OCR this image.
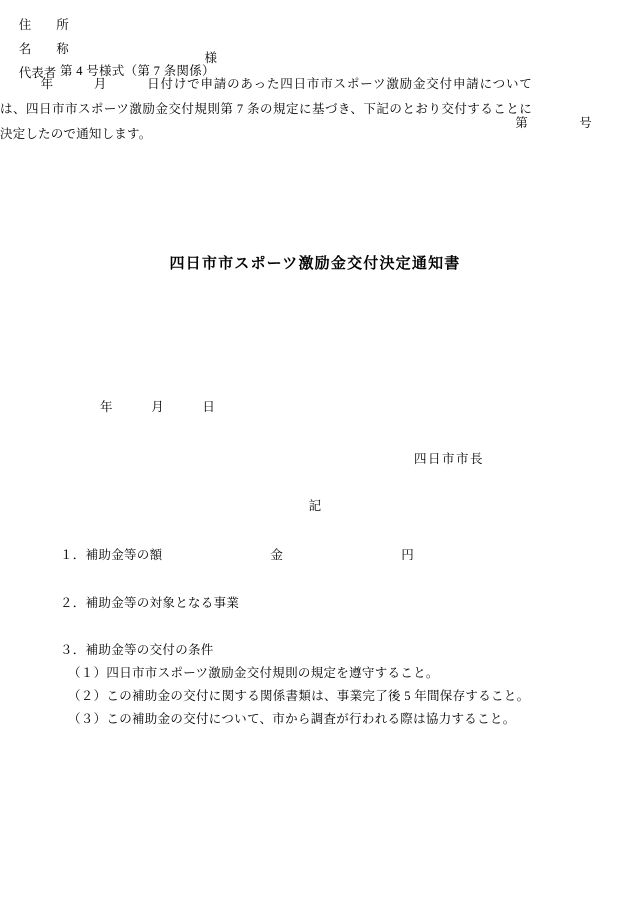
第 4 号様式（第 7 条関係）
第　　　　号

住　　所

名　　称

代表者

様

四日市市スポーツ激励金交付決定通知書
年　　　月　　　日付けで申請のあった四日市市スポーツ激励金交付申請については、四日市市スポーツ激励金交付規則第 7 条の規定に基づき、下記のとおり交付することに決定したので通知します。
年　　　月　　　日
四日市市長
記
１．補助金等の額	金	円
２．補助金等の対象となる事業
３．補助金等の交付の条件
（１）四日市市スポーツ激励金交付規則の規定を遵守すること。
（２）この補助金の交付に関する関係書類は、事業完了後 5 年間保存すること。
（３）この補助金の交付について、市から調査が行われる際は協力すること。
